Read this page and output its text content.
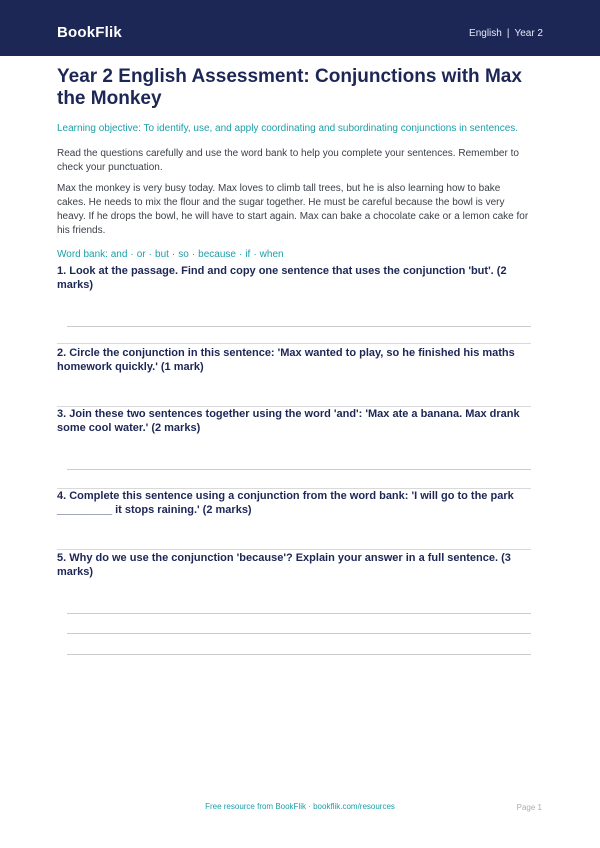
BookFlik	English | Year 2
Year 2 English Assessment: Conjunctions with Max the Monkey

Learning objective: To identify, use, and apply coordinating and subordinating conjunctions in sentences.

Read the questions carefully and use the word bank to help you complete your sentences. Remember to check your punctuation.

Max the monkey is very busy today. Max loves to climb tall trees, but he is also learning how to bake cakes. He needs to mix the flour and the sugar together. He must be careful because the bowl is very heavy. If he drops the bowl, he will have to start again. Max can bake a chocolate cake or a lemon cake for his friends.

Word bank: and · or · but · so · because · if · when

1. Look at the passage. Find and copy one sentence that uses the conjunction 'but'. (2 marks)
2. Circle the conjunction in this sentence: 'Max wanted to play, so he finished his maths homework quickly.' (1 mark)
3. Join these two sentences together using the word 'and': 'Max ate a banana. Max drank some cool water.' (2 marks)
4. Complete this sentence using a conjunction from the word bank: 'I will go to the park _________ it stops raining.' (2 marks)
5. Why do we use the conjunction 'because'? Explain your answer in a full sentence. (3 marks)
Free resource from BookFlik · bookflik.com/resources	Page 1
